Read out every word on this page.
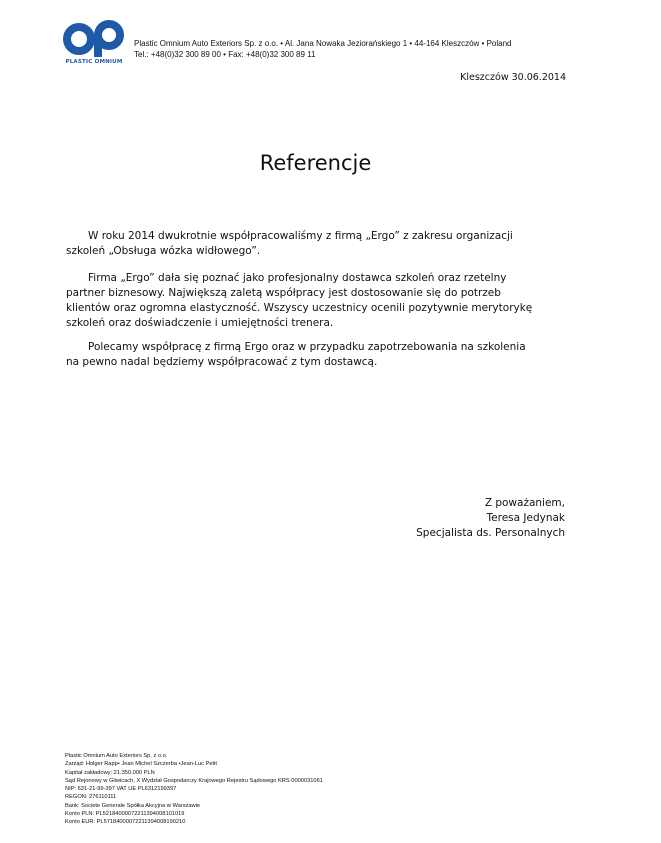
PLASTIC OMNIUM
Plastic Omnium Auto Exteriors Sp. z o.o. • Al. Jana Nowaka Jeziorańskiego 1 • 44-164 Kleszczów • Poland
Tel.: +48(0)32 300 89 00 • Fax: +48(0)32 300 89 11
Kleszczów 30.06.2014
Referencje
W roku 2014 dwukrotnie współpracowaliśmy z firmą „Ergo” z zakresu organizacji
szkoleń „Obsługa wózka widłowego”.
Firma „Ergo” dała się poznać jako profesjonalny dostawca szkoleń oraz rzetelny
partner biznesowy. Największą zaletą współpracy jest dostosowanie się do potrzeb
klientów oraz ogromna elastyczność. Wszyscy uczestnicy ocenili pozytywnie merytorykę
szkoleń oraz doświadczenie i umiejętności trenera.
Polecamy współpracę z firmą Ergo oraz w przypadku zapotrzebowania na szkolenia
na pewno nadal będziemy współpracować z tym dostawcą.
Z poważaniem,
Teresa Jedynak
Specjalista ds. Personalnych
Plastic Omnium Auto Exteriors Sp. z o.o.
Zarząd: Holger Rapp• Jean Michel Szczerba •Jean-Luc Petit
Kapitał zakładowy: 21.350.000 PLN
Sąd Rejonowy w Gliwicach, X Wydział Gospodarczy Krajowego Rejestru Sądowego KRS 0000031061
NIP: 631-21-99-397 VAT UE PL6312199397
REGON: 276110111
Bank: Societe Generale Spółka Akcyjna w Warszawie
Konto PLN: PL52184000072211394008101019
Konto EUR: PL57184000072211394008190210
